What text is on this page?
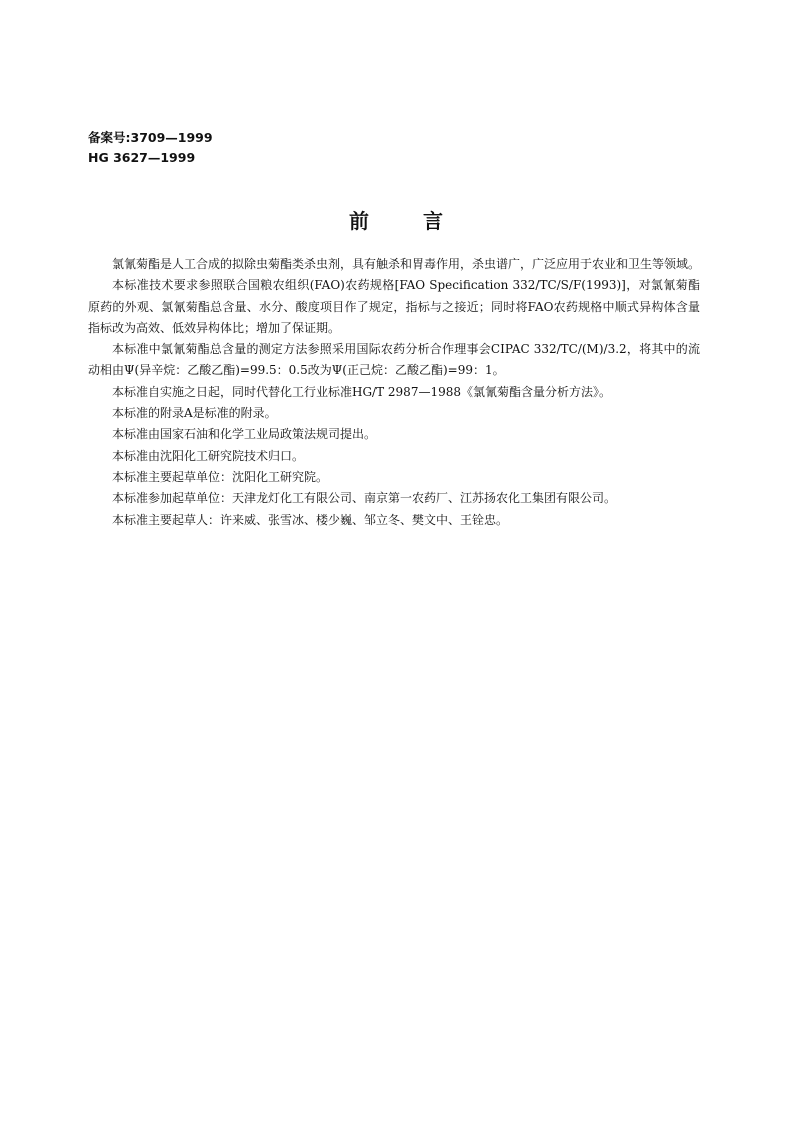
备案号:3709—1999
HG 3627—1999
前言

氯氰菊酯是人工合成的拟除虫菊酯类杀虫剂，具有触杀和胃毒作用，杀虫谱广，广泛应用于农业和卫生等领域。

本标准技术要求参照联合国粮农组织(FAO)农药规格[FAO Specification 332/TC/S/F(1993)]，对氯氰菊酯原药的外观、氯氰菊酯总含量、水分、酸度项目作了规定，指标与之接近；同时将FAO农药规格中顺式异构体含量指标改为高效、低效异构体比；增加了保证期。

本标准中氯氰菊酯总含量的测定方法参照采用国际农药分析合作理事会CIPAC 332/TC/(M)/3.2，将其中的流动相由Ψ(异辛烷：乙酸乙酯)=99.5：0.5改为Ψ(正己烷：乙酸乙酯)=99：1。

本标准自实施之日起，同时代替化工行业标准HG/T 2987—1988《氯氰菊酯含量分析方法》。

本标准的附录A是标准的附录。

本标准由国家石油和化学工业局政策法规司提出。

本标准由沈阳化工研究院技术归口。

本标准主要起草单位：沈阳化工研究院。

本标准参加起草单位：天津龙灯化工有限公司、南京第一农药厂、江苏扬农化工集团有限公司。

本标准主要起草人：许来威、张雪冰、楼少巍、邹立冬、樊文中、王铨忠。
